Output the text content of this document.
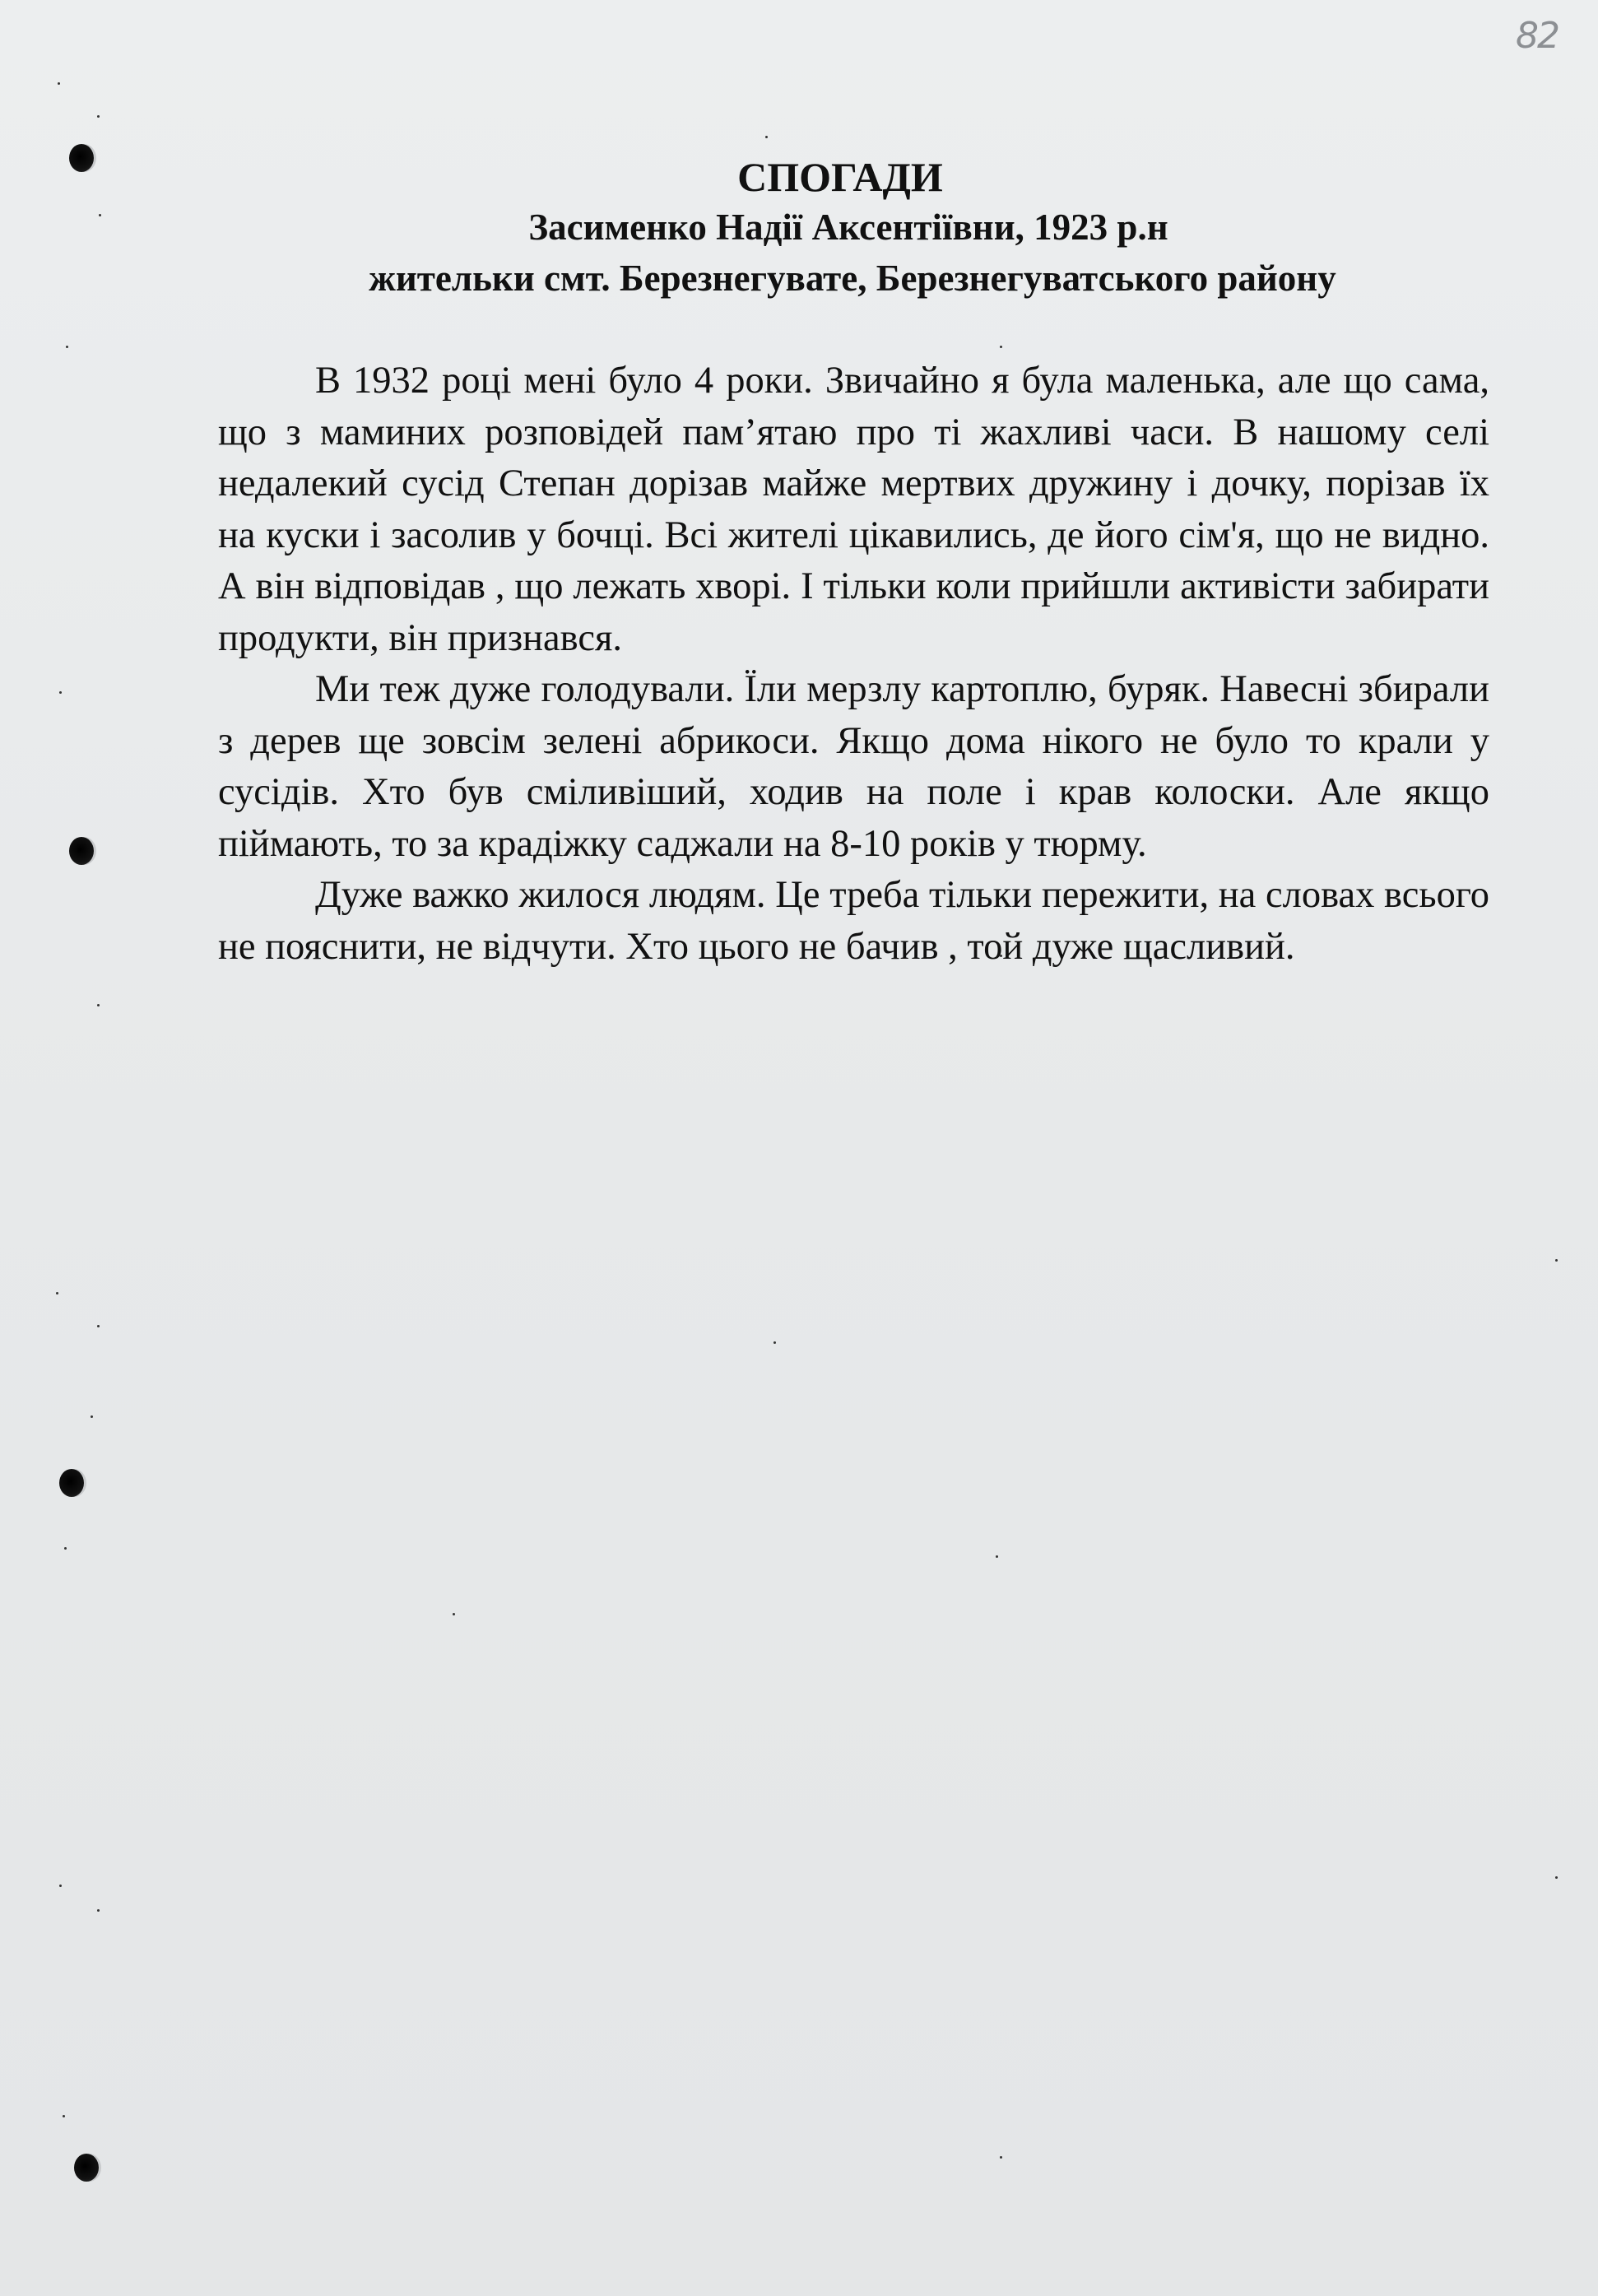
82
СПОГАДИ
Засименко Надії Аксентіївни, 1923 р.н
жительки смт. Березнегувате, Березнегуватського району

В 1932 році мені було 4 роки. Звичайно я була маленька, але що сама, що з маминих розповідей пам’ятаю про ті жахливі часи. В нашому селі недалекий сусід Степан дорізав майже мертвих дружину і дочку, порізав їх на куски і засолив у бочці. Всі жителі цікавились, де його сім'я, що не видно. А він відповідав , що лежать хворі. І тільки коли прийшли активісти забирати продукти, він признався.

Ми теж дуже голодували. Їли мерзлу картоплю, буряк. Навесні збирали з дерев ще зовсім зелені абрикоси. Якщо дома нікого не було то крали у сусідів. Хто був сміливіший, ходив на поле і крав колоски. Але якщо піймають, то за крадіжку саджали на 8-10 років у тюрму.

Дуже важко жилося людям. Це треба тільки пережити, на словах всього не пояснити, не відчути. Хто цього не бачив , той дуже щасливий.
